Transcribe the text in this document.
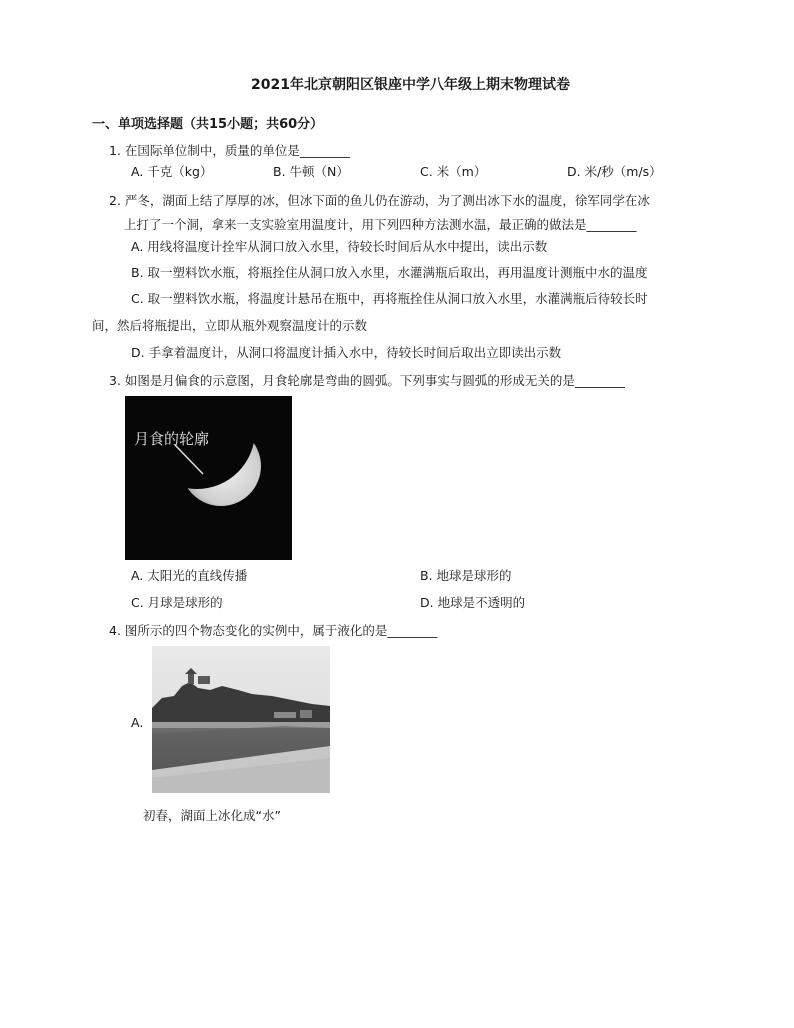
2021年北京朝阳区银座中学八年级上期末物理试卷
一、单项选择题（共15小题；共60分）
1. 在国际单位制中，质量的单位是________
A. 千克（kg）	B. 牛顿（N）	C. 米（m）	D. 米/秒（m/s）
2. 严冬，湖面上结了厚厚的冰，但冰下面的鱼儿仍在游动，为了测出冰下水的温度，徐军同学在冰
上打了一个洞，拿来一支实验室用温度计，用下列四种方法测水温，最正确的做法是________
A. 用线将温度计拴牢从洞口放入水里，待较长时间后从水中提出，读出示数
B. 取一塑料饮水瓶，将瓶拴住从洞口放入水里，水灌满瓶后取出，再用温度计测瓶中水的温度
C. 取一塑料饮水瓶，将温度计悬吊在瓶中，再将瓶拴住从洞口放入水里，水灌满瓶后待较长时
间，然后将瓶提出，立即从瓶外观察温度计的示数
D. 手拿着温度计，从洞口将温度计插入水中，待较长时间后取出立即读出示数
3. 如图是月偏食的示意图，月食轮廓是弯曲的圆弧。下列事实与圆弧的形成无关的是________
月食的轮廓
A. 太阳光的直线传播	B. 地球是球形的
C. 月球是球形的	D. 地球是不透明的
4. 图所示的四个物态变化的实例中，属于液化的是________
A.
初春，湖面上冰化成“水”
